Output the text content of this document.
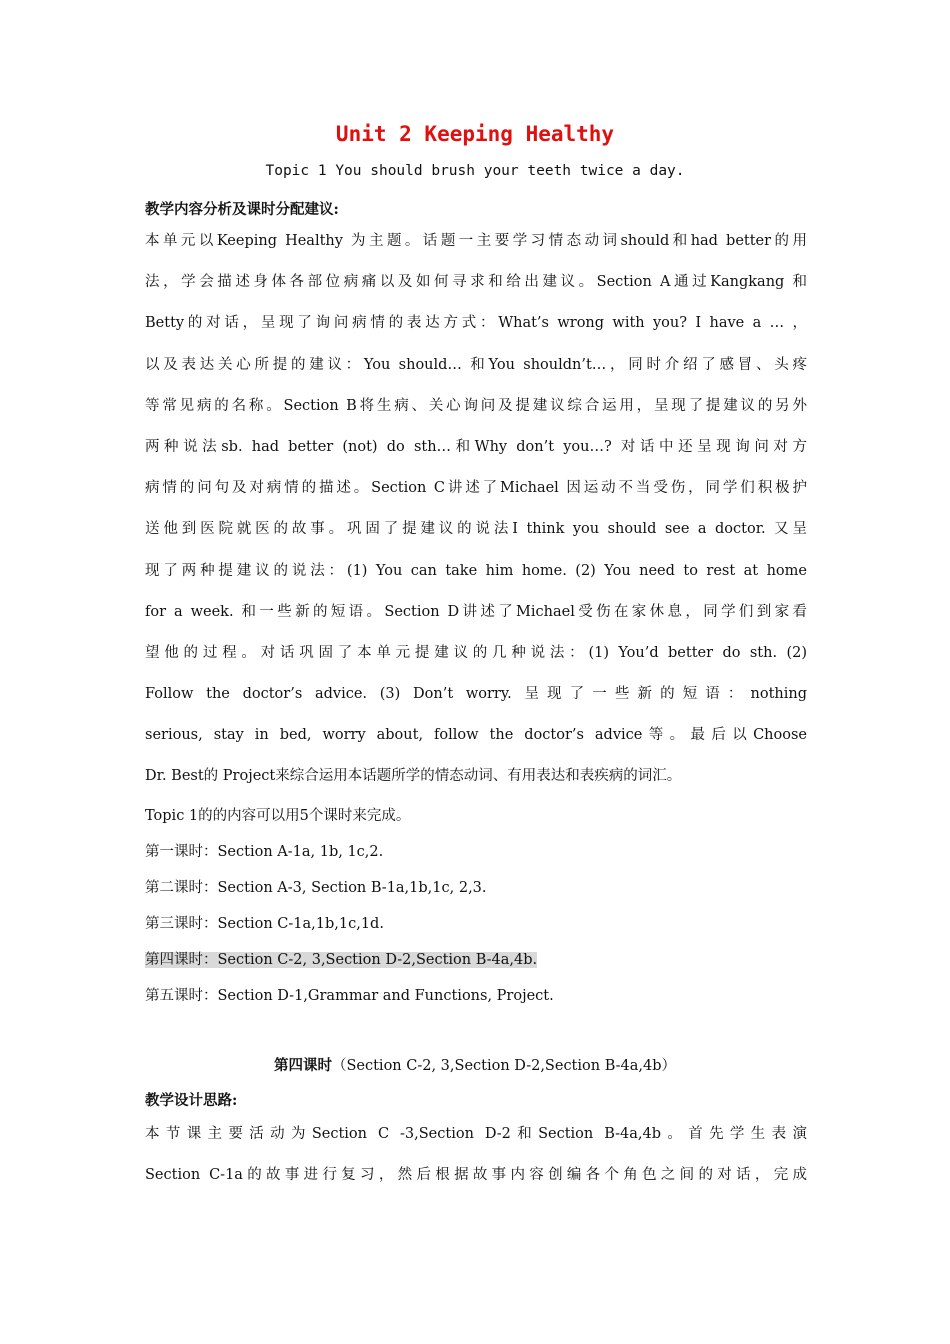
Unit 2 Keeping Healthy
Topic 1 You should brush your teeth twice a day.
教学内容分析及课时分配建议:
本单元以Keeping Healthy 为主题。话题一主要学习情态动词should和had better的用
法，学会描述身体各部位病痛以及如何寻求和给出建议。Section A通过Kangkang 和
Betty的对话，呈现了询问病情的表达方式：What’s wrong with you? I have a … ，
以及表达关心所提的建议：You should… 和You shouldn’t…，同时介绍了感冒、头疼
等常见病的名称。Section B将生病、关心询问及提建议综合运用，呈现了提建议的另外
两种说法sb. had better (not) do sth…和Why don’t you…? 对话中还呈现询问对方
病情的问句及对病情的描述。Section C讲述了Michael 因运动不当受伤，同学们积极护
送他到医院就医的故事。巩固了提建议的说法I think you should see a doctor. 又呈
现了两种提建议的说法：(1) You can take him home. (2) You need to rest at home
for a week. 和一些新的短语。Section D讲述了Michael受伤在家休息，同学们到家看
望他的过程。对话巩固了本单元提建议的几种说法：(1) You’d better do sth. (2)
Follow the doctor’s advice. (3) Don’t worry. 呈现了一些新的短语：nothing
serious, stay in bed, worry about, follow the doctor’s advice等。最后以Choose
Dr. Best的 Project来综合运用本话题所学的情态动词、有用表达和表疾病的词汇。
Topic 1的的内容可以用5个课时来完成。
第一课时：Section A-1a, 1b, 1c,2.
第二课时：Section A-3, Section B-1a,1b,1c, 2,3.
第三课时：Section C-1a,1b,1c,1d.
第四课时：Section C-2, 3,Section D-2,Section B-4a,4b.
第五课时：Section D-1,Grammar and Functions, Project.
第四课时（Section C-2, 3,Section D-2,Section B-4a,4b）
教学设计思路:
本节课主要活动为Section C -3,Section D-2和Section B-4a,4b。首先学生表演
Section C-1a的故事进行复习，然后根据故事内容创编各个角色之间的对话，完成
